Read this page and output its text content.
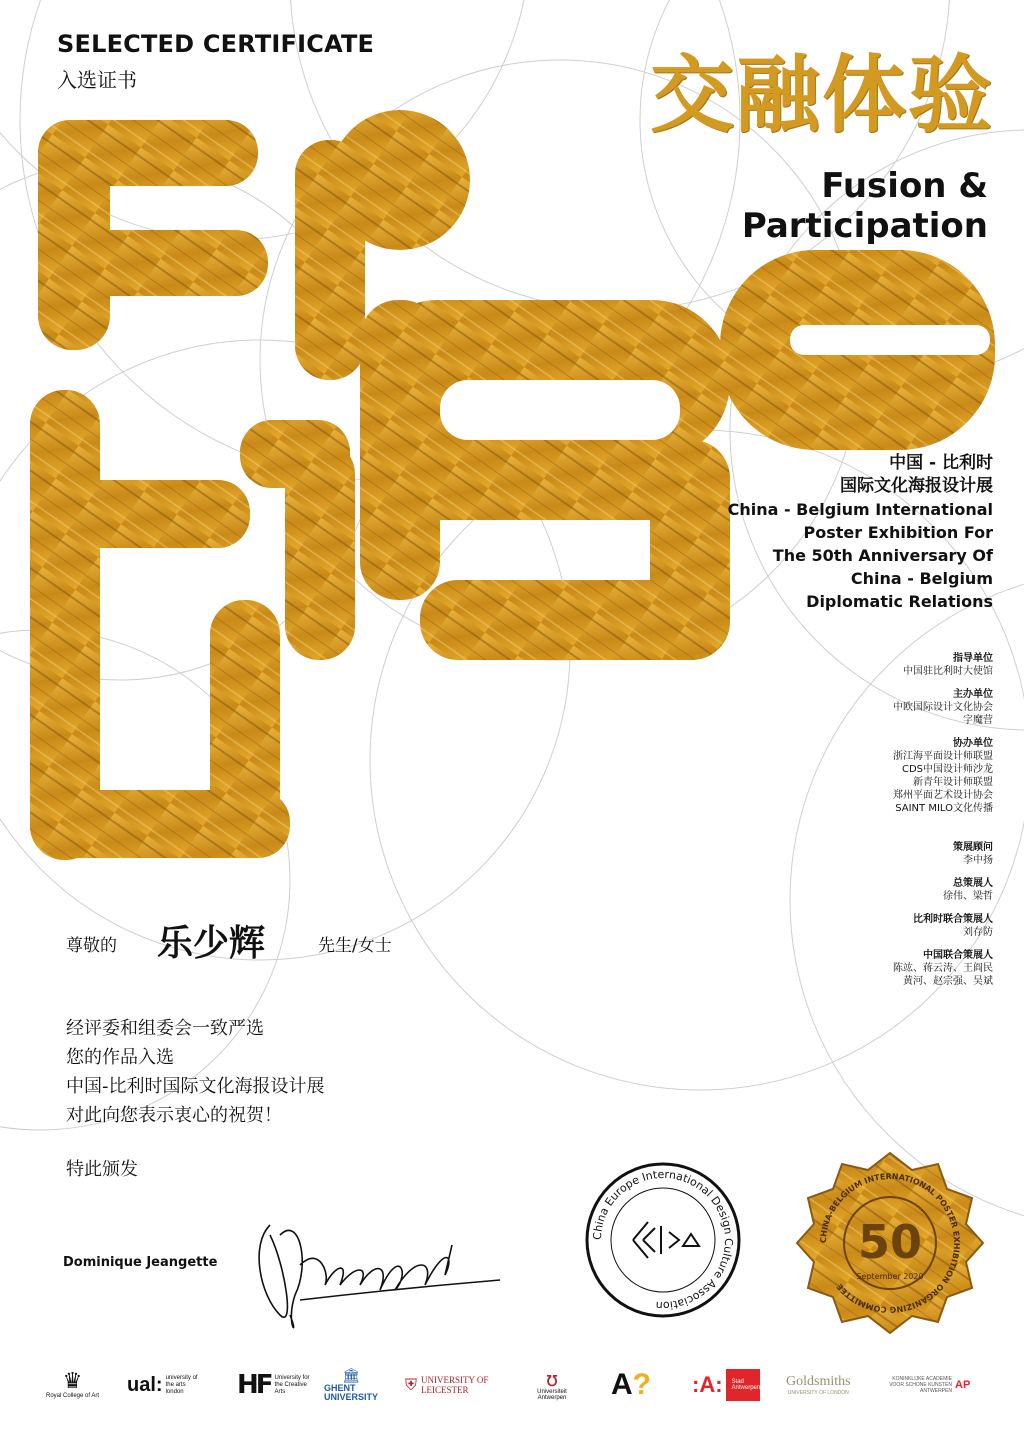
SELECTED CERTIFICATE
入选证书	交融体验
Fusion &
Participation
中国 - 比利时
国际文化海报设计展
China - Belgium International
Poster Exhibition For
The 50th Anniversary Of
China - Belgium
Diplomatic Relations
指导单位
中国驻比利时大使馆
主办单位
中欧国际设计文化协会
字魔营
协办单位
浙江海平面设计师联盟
CDS中国设计师沙龙
新青年设计师联盟
郑州平面艺术设计协会
SAINT MILO文化传播
策展顾问
李中扬
总策展人
徐伟、梁哲
比利时联合策展人
刘存防
中国联合策展人
陈竑、蒋云涛、王阎民
黄河、赵宗强、吴斌
尊敬的 乐少辉	先生/女士
经评委和组委会一致严选
您的作品入选
中国-比利时国际文化海报设计展
对此向您表示衷心的祝贺！
特此颁发
Dominique Jeangette
China Europe International Design Culture Association
CHINA-BELGIUM INTERNATIONAL POSTER EXHIBITION ORGANIZING COMMITTEE
50
September 2020
♛
Royal College of Art
ual: university of the arts london	HF University for the Creative Arts
🏛
GHENT UNIVERSITY
⛨ UNIVERSITY OF LEICESTER	ʊ
Universiteit Antwerpen A ? :A:	Stad Antwerpen Goldsmiths
UNIVERSITY OF LONDON
KONINKLIJKE ACADEMIE VOOR SCHONE KUNSTEN ANTWERPEN AP
